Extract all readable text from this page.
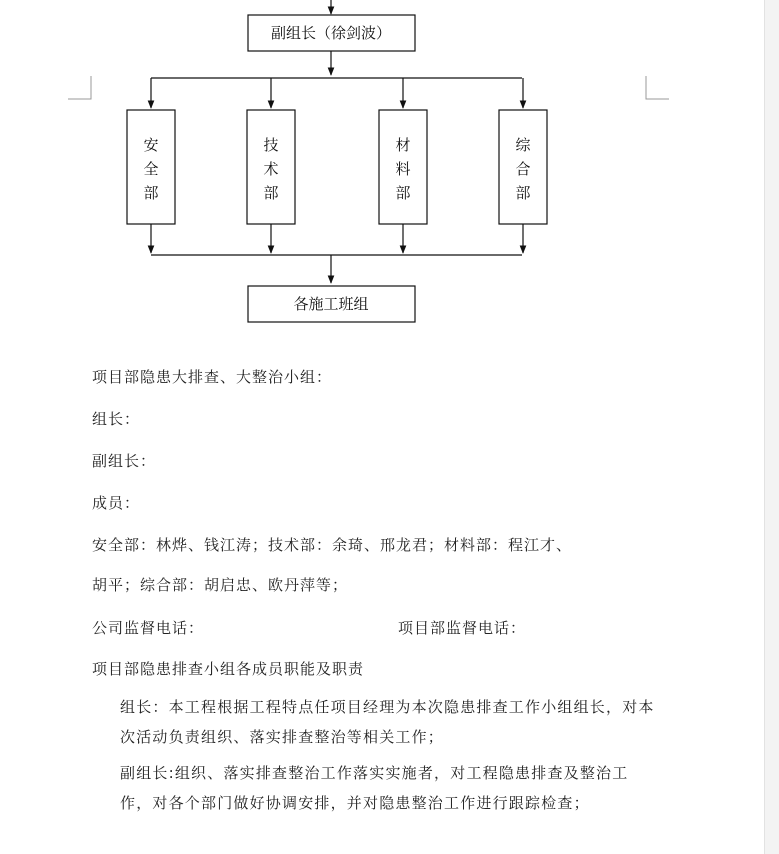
副组长（徐剑波）
安
全
部
技
术
部
材
料
部
综
合
部
各施工班组
项目部隐患大排查、大整治小组：
组长：
副组长：
成员：
安全部：林烨、钱江涛；技术部：余琦、邢龙君；材料部：程江才、
胡平；综合部：胡启忠、欧丹萍等；
公司监督电话：	项目部监督电话：
项目部隐患排查小组各成员职能及职责
组长：本工程根据工程特点任项目经理为本次隐患排查工作小组组长，对本次活动负责组织、落实排查整治等相关工作；
副组长:组织、落实排查整治工作落实实施者，对工程隐患排查及整治工作，对各个部门做好协调安排，并对隐患整治工作进行跟踪检查；
